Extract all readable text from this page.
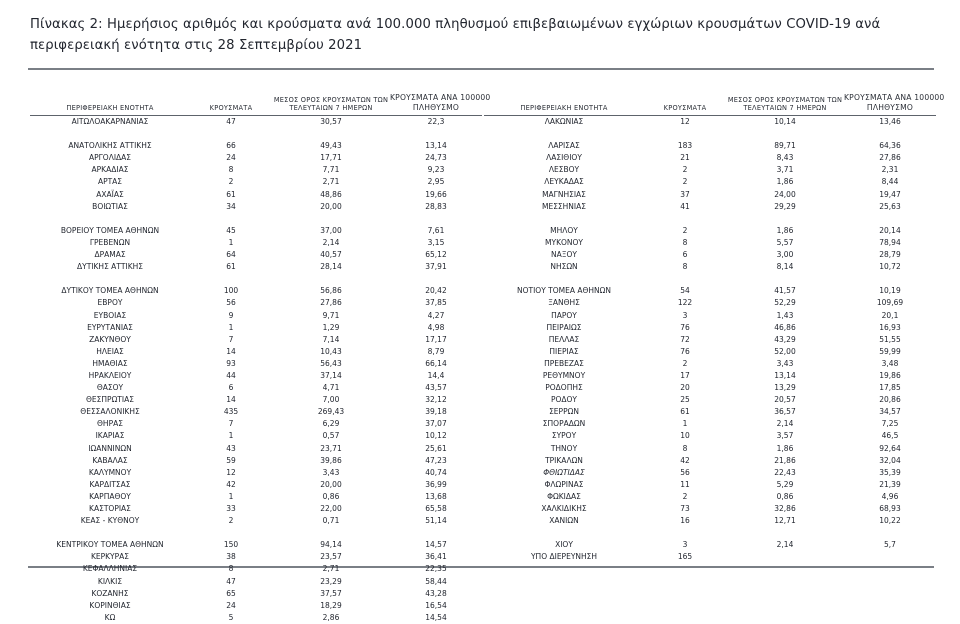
Πίνακας 2: Ημερήσιος αριθμός και κρούσματα ανά 100.000 πληθυσμού επιβεβαιωμένων εγχώριων κρουσμάτων COVID-19 ανά περιφερειακή ενότητα στις 28 Σεπτεμβρίου 2021
ΠΕΡΙΦΕΡΕΙΑΚΗ ΕΝΟΤΗΤΑ	ΚΡΟΥΣΜΑΤΑ
ΜΕΣΟΣ ΟΡΟΣ ΚΡΟΥΣΜΑΤΩΝ ΤΩΝ
ΤΕΛΕΥΤΑΙΩΝ 7 ΗΜΕΡΩΝ
ΚΡΟΥΣΜΑΤΑ ΑΝΑ 100000
ΠΛΗΘΥΣΜΟ
ΑΙΤΩΛΟΑΚΑΡΝΑΝΙΑΣ	47	30,57	22,3
ΑΝΑΤΟΛΙΚΗΣ ΑΤΤΙΚΗΣ	66	49,43	13,14
ΑΡΓΟΛΙΔΑΣ	24	17,71	24,73
ΑΡΚΑΔΙΑΣ	8	7,71	9,23
ΑΡΤΑΣ	2	2,71	2,95
ΑΧΑΪΑΣ	61	48,86	19,66
ΒΟΙΩΤΙΑΣ	34	20,00	28,83
ΒΟΡΕΙΟΥ ΤΟΜΕΑ ΑΘΗΝΩΝ	45	37,00	7,61
ΓΡΕΒΕΝΩΝ	1	2,14	3,15
ΔΡΑΜΑΣ	64	40,57	65,12
ΔΥΤΙΚΗΣ ΑΤΤΙΚΗΣ	61	28,14	37,91
ΔΥΤΙΚΟΥ ΤΟΜΕΑ ΑΘΗΝΩΝ	100	56,86	20,42
ΕΒΡΟΥ	56	27,86	37,85
ΕΥΒΟΙΑΣ	9	9,71	4,27
ΕΥΡΥΤΑΝΙΑΣ	1	1,29	4,98
ΖΑΚΥΝΘΟΥ	7	7,14	17,17
ΗΛΕΙΑΣ	14	10,43	8,79
ΗΜΑΘΙΑΣ	93	56,43	66,14
ΗΡΑΚΛΕΙΟΥ	44	37,14	14,4
ΘΑΣΟΥ	6	4,71	43,57
ΘΕΣΠΡΩΤΙΑΣ	14	7,00	32,12
ΘΕΣΣΑΛΟΝΙΚΗΣ	435	269,43	39,18
ΘΗΡΑΣ	7	6,29	37,07
ΙΚΑΡΙΑΣ	1	0,57	10,12
ΙΩΑΝΝΙΝΩΝ	43	23,71	25,61
ΚΑΒΑΛΑΣ	59	39,86	47,23
ΚΑΛΥΜΝΟΥ	12	3,43	40,74
ΚΑΡΔΙΤΣΑΣ	42	20,00	36,99
ΚΑΡΠΑΘΟΥ	1	0,86	13,68
ΚΑΣΤΟΡΙΑΣ	33	22,00	65,58
ΚΕΑΣ - ΚΥΘΝΟΥ	2	0,71	51,14
ΚΕΝΤΡΙΚΟΥ ΤΟΜΕΑ ΑΘΗΝΩΝ	150	94,14	14,57
ΚΕΡΚΥΡΑΣ	38	23,57	36,41
ΚΕΦΑΛΛΗΝΙΑΣ	8	2,71	22,35
ΚΙΛΚΙΣ	47	23,29	58,44
ΚΟΖΑΝΗΣ	65	37,57	43,28
ΚΟΡΙΝΘΙΑΣ	24	18,29	16,54
ΚΩ	5	2,86	14,54
ΠΕΡΙΦΕΡΕΙΑΚΗ ΕΝΟΤΗΤΑ	ΚΡΟΥΣΜΑΤΑ
ΜΕΣΟΣ ΟΡΟΣ ΚΡΟΥΣΜΑΤΩΝ ΤΩΝ
ΤΕΛΕΥΤΑΙΩΝ 7 ΗΜΕΡΩΝ
ΚΡΟΥΣΜΑΤΑ ΑΝΑ 100000
ΠΛΗΘΥΣΜΟ
ΛΑΚΩΝΙΑΣ	12	10,14	13,46
ΛΑΡΙΣΑΣ	183	89,71	64,36
ΛΑΣΙΘΙΟΥ	21	8,43	27,86
ΛΕΣΒΟΥ	2	3,71	2,31
ΛΕΥΚΑΔΑΣ	2	1,86	8,44
ΜΑΓΝΗΣΙΑΣ	37	24,00	19,47
ΜΕΣΣΗΝΙΑΣ	41	29,29	25,63
ΜΗΛΟΥ	2	1,86	20,14
ΜΥΚΟΝΟΥ	8	5,57	78,94
ΝΑΞΟΥ	6	3,00	28,79
ΝΗΣΩΝ	8	8,14	10,72
ΝΟΤΙΟΥ ΤΟΜΕΑ ΑΘΗΝΩΝ	54	41,57	10,19
ΞΑΝΘΗΣ	122	52,29	109,69
ΠΑΡΟΥ	3	1,43	20,1
ΠΕΙΡΑΙΩΣ	76	46,86	16,93
ΠΕΛΛΑΣ	72	43,29	51,55
ΠΙΕΡΙΑΣ	76	52,00	59,99
ΠΡΕΒΕΖΑΣ	2	3,43	3,48
ΡΕΘΥΜΝΟΥ	17	13,14	19,86
ΡΟΔΟΠΗΣ	20	13,29	17,85
ΡΟΔΟΥ	25	20,57	20,86
ΣΕΡΡΩΝ	61	36,57	34,57
ΣΠΟΡΑΔΩΝ	1	2,14	7,25
ΣΥΡΟΥ	10	3,57	46,5
ΤΗΝΟΥ	8	1,86	92,64
ΤΡΙΚΑΛΩΝ	42	21,86	32,04
ΦΘΙΩΤΙΔΑΣ	56	22,43	35,39
ΦΛΩΡΙΝΑΣ	11	5,29	21,39
ΦΩΚΙΔΑΣ	2	0,86	4,96
ΧΑΛΚΙΔΙΚΗΣ	73	32,86	68,93
ΧΑΝΙΩΝ	16	12,71	10,22
ΧΙΟΥ	3	2,14	5,7
ΥΠΟ ΔΙΕΡΕΥΝΗΣΗ	165
